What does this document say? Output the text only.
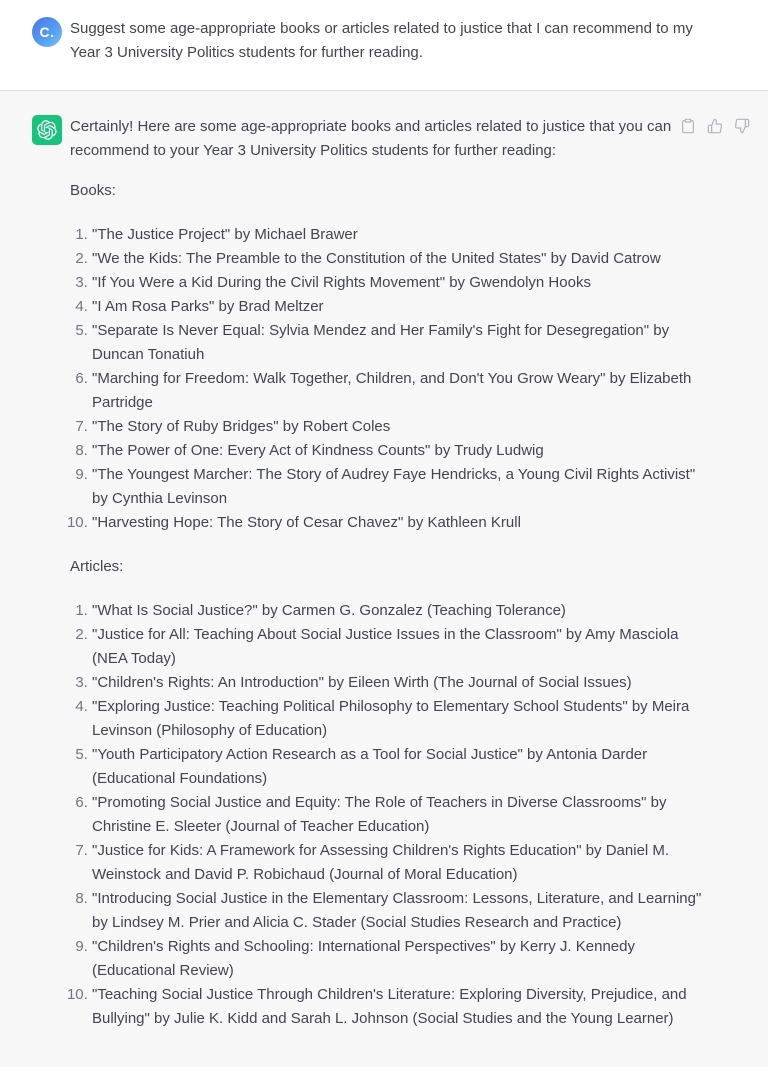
C. Suggest some age-appropriate books or articles related to justice that I can recommend to my Year 3 University Politics students for further reading.

Certainly! Here are some age-appropriate books and articles related to justice that you can recommend to your Year 3 University Politics students for further reading:

Books:

1. "The Justice Project" by Michael Brawer
2. "We the Kids: The Preamble to the Constitution of the United States" by David Catrow
3. "If You Were a Kid During the Civil Rights Movement" by Gwendolyn Hooks
4. "I Am Rosa Parks" by Brad Meltzer
5. "Separate Is Never Equal: Sylvia Mendez and Her Family's Fight for Desegregation" by Duncan Tonatiuh
6. "Marching for Freedom: Walk Together, Children, and Don't You Grow Weary" by Elizabeth Partridge
7. "The Story of Ruby Bridges" by Robert Coles
8. "The Power of One: Every Act of Kindness Counts" by Trudy Ludwig
9. "The Youngest Marcher: The Story of Audrey Faye Hendricks, a Young Civil Rights Activist" by Cynthia Levinson
10. "Harvesting Hope: The Story of Cesar Chavez" by Kathleen Krull

Articles:

1. "What Is Social Justice?" by Carmen G. Gonzalez (Teaching Tolerance)
2. "Justice for All: Teaching About Social Justice Issues in the Classroom" by Amy Masciola (NEA Today)
3. "Children's Rights: An Introduction" by Eileen Wirth (The Journal of Social Issues)
4. "Exploring Justice: Teaching Political Philosophy to Elementary School Students" by Meira Levinson (Philosophy of Education)
5. "Youth Participatory Action Research as a Tool for Social Justice" by Antonia Darder (Educational Foundations)
6. "Promoting Social Justice and Equity: The Role of Teachers in Diverse Classrooms" by Christine E. Sleeter (Journal of Teacher Education)
7. "Justice for Kids: A Framework for Assessing Children's Rights Education" by Daniel M. Weinstock and David P. Robichaud (Journal of Moral Education)
8. "Introducing Social Justice in the Elementary Classroom: Lessons, Literature, and Learning" by Lindsey M. Prier and Alicia C. Stader (Social Studies Research and Practice)
9. "Children's Rights and Schooling: International Perspectives" by Kerry J. Kennedy (Educational Review)
10. "Teaching Social Justice Through Children's Literature: Exploring Diversity, Prejudice, and Bullying" by Julie K. Kidd and Sarah L. Johnson (Social Studies and the Young Learner)
